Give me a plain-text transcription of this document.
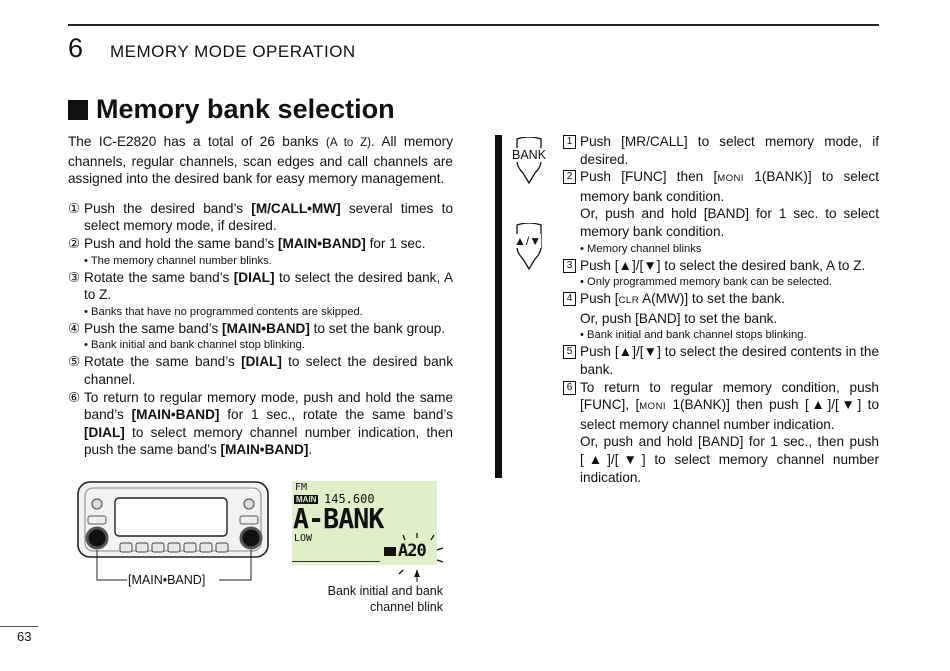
6 MEMORY MODE OPERATION
Memory bank selection

The IC-E2820 has a total of 26 banks (A to Z). All memory channels, regular channels, scan edges and call channels are assigned into the desired bank for easy memory management.

① Push the desired band’s [M/CALL•MW] several times to select memory mode, if desired.
② Push and hold the same band’s [MAIN•BAND] for 1 sec.
• The memory channel number blinks.
③ Rotate the same band’s [DIAL] to select the desired bank, A to Z.
• Banks that have no programmed contents are skipped.
④ Push the same band’s [MAIN•BAND] to set the bank group.
• Bank initial and bank channel stop blinking.
⑤ Rotate the same band’s [DIAL] to select the desired bank channel.
⑥ To return to regular memory mode, push and hold the same band’s [MAIN•BAND] for 1 sec., rotate the same band’s [DIAL] to select memory channel number indication, then push the same band’s [MAIN•BAND].
[MAIN•BAND]
FM
MAIN 145.600
A-BANK
LOW
A20
Bank initial and bank
channel blink
BANK
▲/▼
1 Push [MR/CALL] to select memory mode, if desired.
2 Push [FUNC] then [MONI 1(BANK)] to select memory bank condition.
Or, push and hold [BAND] for 1 sec. to select memory bank condition.
• Memory channel blinks
3 Push [▲]/[▼] to select the desired bank, A to Z.
• Only programmed memory bank can be selected.
4 Push [CLR A(MW)] to set the bank.
Or, push [BAND] to set the bank.
• Bank initial and bank channel stops blinking.
5 Push [▲]/[▼] to select the desired contents in the bank.
6 To return to regular memory condition, push [FUNC], [MONI 1(BANK)] then push [▲]/[▼] to select memory channel number indication.
Or, push and hold [BAND] for 1 sec., then push [▲]/[▼] to select memory channel number indication.
63
